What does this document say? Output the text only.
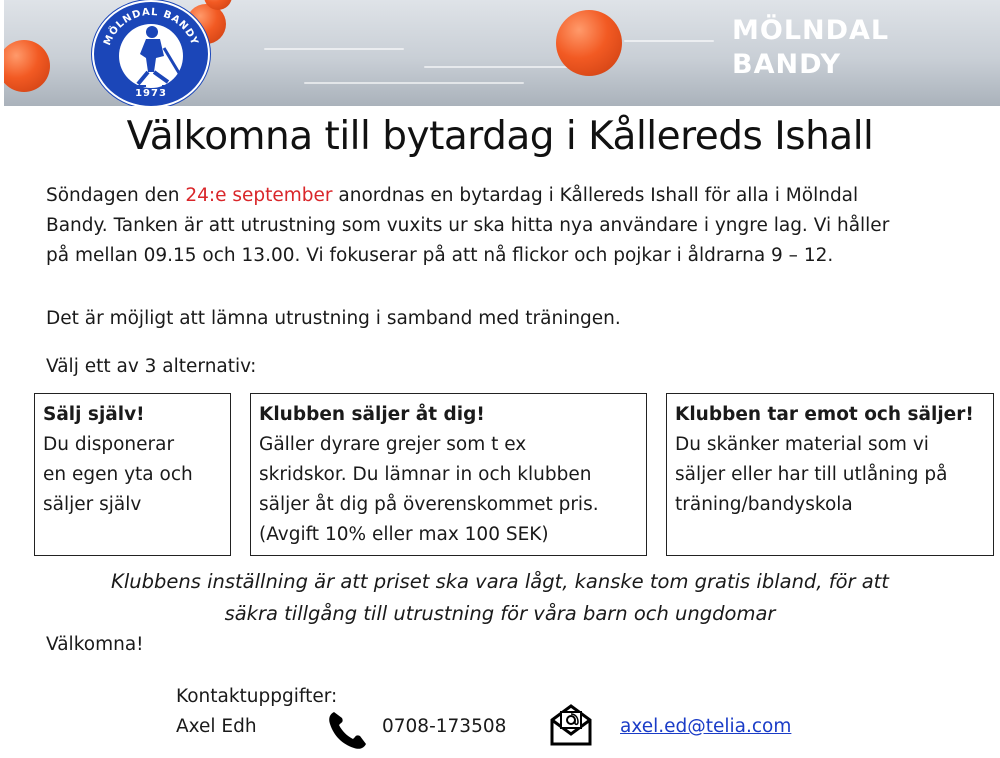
MÖLNDAL BANDY
1973
MÖLNDAL
BANDY
Välkomna till bytardag i Kållereds Ishall
Söndagen den 24:e september anordnas en bytardag i Kållereds Ishall för alla i Mölndal
Bandy. Tanken är att utrustning som vuxits ur ska hitta nya användare i yngre lag. Vi håller
på mellan 09.15 och 13.00. Vi fokuserar på att nå flickor och pojkar i åldrarna 9 – 12.
Det är möjligt att lämna utrustning i samband med träningen.
Välj ett av 3 alternativ:
Sälj själv!
Du disponerar
en egen yta och
säljer själv
Klubben säljer åt dig!
Gäller dyrare grejer som t ex
skridskor. Du lämnar in och klubben
säljer åt dig på överenskommet pris.
(Avgift 10% eller max 100 SEK)
Klubben tar emot och säljer!
Du skänker material som vi
säljer eller har till utlåning på
träning/bandyskola
Klubbens inställning är att priset ska vara lågt, kanske tom gratis ibland, för att
säkra tillgång till utrustning för våra barn och ungdomar
Välkomna!
Kontaktuppgifter:
Axel Edh	0708-173508	axel.ed@telia.com
